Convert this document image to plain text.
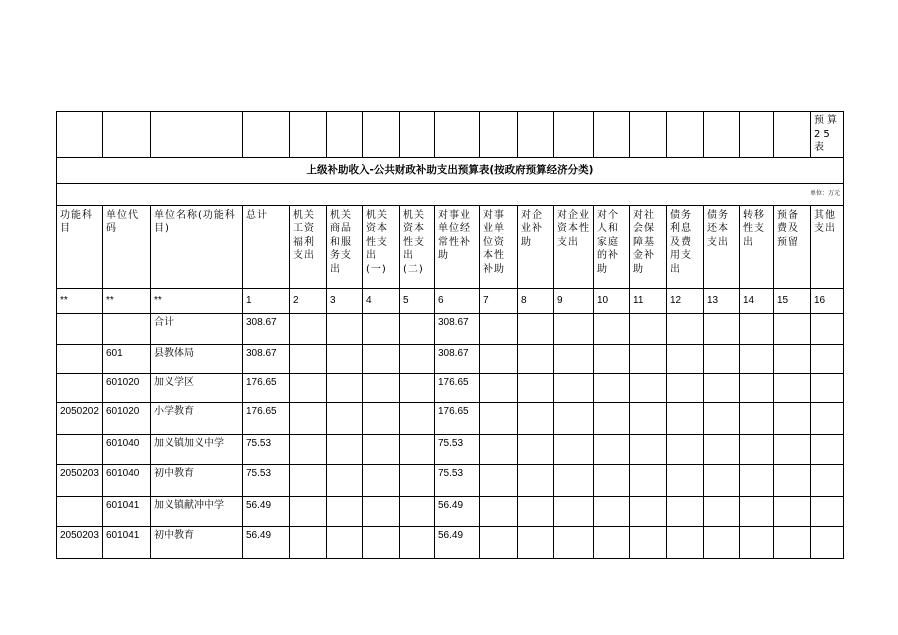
																		预算25表
上级补助收入-公共财政补助支出预算表(按政府预算经济分类)																		
单位：万元																		

功能科目	单位代码	单位名称(功能科目)	总计	机关工资福利支出	机关商品和服务支出	机关资本性支出(一)	机关资本性支出(二)	对事业单位经常性补助	对事业单位资本性补助	对企业补助	对企业资本性支出	对个人和家庭的补助	对社会保障基金补助	债务利息及费用支出	债务还本支出	转移性支出	预备费及预留	其他支出

**	**	**	1	2	3	4	5	6	7	8	9	10	11	12	13	14	15	16
		合计	308.67					308.67										
	601	县教体局	308.67					308.67										
	601020	加义学区	176.65					176.65										
2050202	601020	小学教育	176.65					176.65										
	601040	加义镇加义中学	75.53					75.53										
2050203	601040	初中教育	75.53					75.53										
	601041	加义镇献冲中学	56.49					56.49										
2050203	601041	初中教育	56.49					56.49										
